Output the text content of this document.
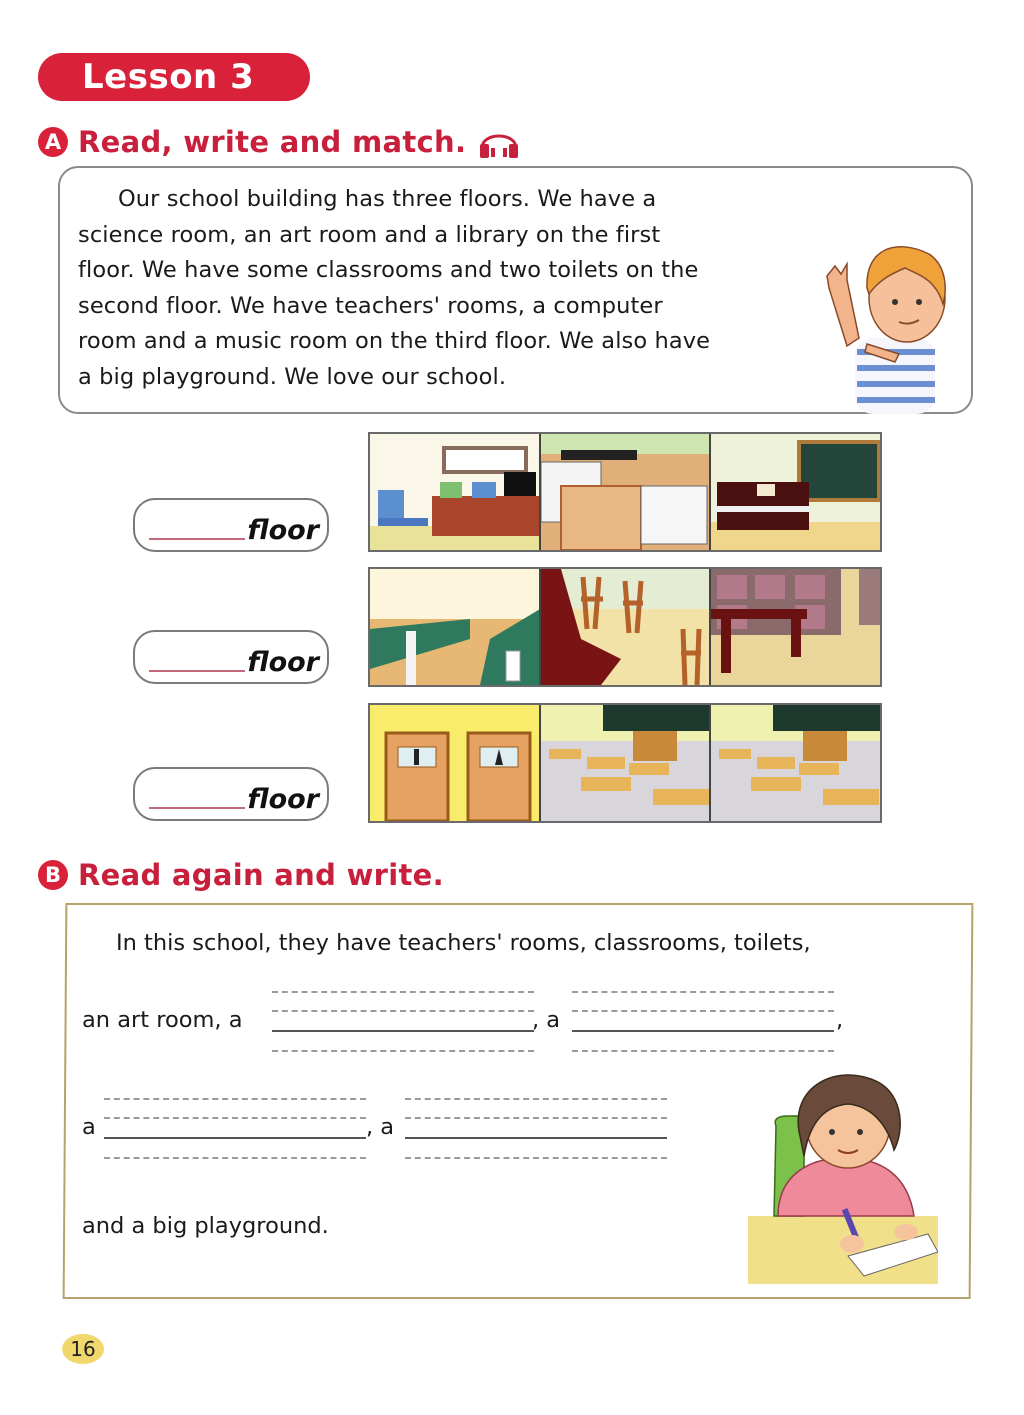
Lesson 3
A Read, write and match.
Our school building has three floors. We have a
science room, an art room and a library on the first
floor. We have some classrooms and two toilets on the
second floor. We have teachers' rooms, a computer
room and a music room on the third floor. We also have
a big playground. We love our school.
floor
floor
floor
B Read again and write.
In this school, they have teachers' rooms, classrooms, toilets,
an art room, a	, a	,
a	, a
and a big playground.
16
